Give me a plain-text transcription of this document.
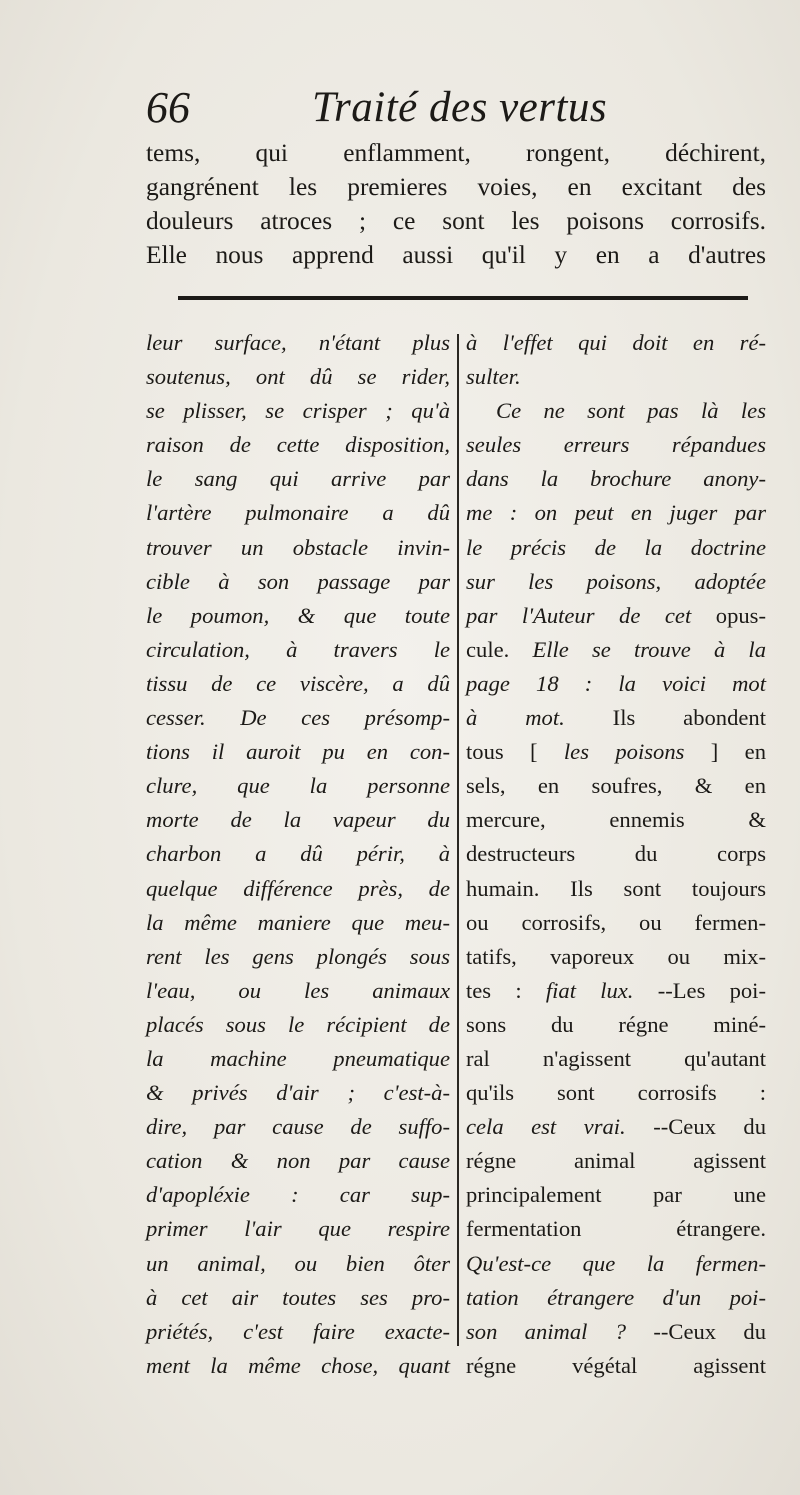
66	Traité des vertus
tems, qui enflamment, rongent, déchirent,
gangrénent les premieres voies, en excitant des
douleurs atroces ; ce sont les poisons corrosifs.
Elle nous apprend aussi qu'il y en a d'autres
leur surface, n'étant plus
soutenus, ont dû se rider,
se plisser, se crisper ; qu'à
raison de cette disposition,
le sang qui arrive par
l'artère pulmonaire a dû
trouver un obstacle invin-
cible à son passage par
le poumon, & que toute
circulation, à travers le
tissu de ce viscère, a dû
cesser. De ces présomp-
tions il auroit pu en con-
clure, que la personne
morte de la vapeur du
charbon a dû périr, à
quelque différence près, de
la même maniere que meu-
rent les gens plongés sous
l'eau, ou les animaux
placés sous le récipient de
la machine pneumatique
& privés d'air ; c'est-à-
dire, par cause de suffo-
cation & non par cause
d'apopléxie : car sup-
primer l'air que respire
un animal, ou bien ôter
à cet air toutes ses pro-
priétés, c'est faire exacte-
ment la même chose, quant
à l'effet qui doit en ré-
sulter.
Ce ne sont pas là les
seules erreurs répandues
dans la brochure anony-
me : on peut en juger par
le précis de la doctrine
sur les poisons, adoptée
par l'Auteur de cet opus-
cule. Elle se trouve à la
page 18 : la voici mot
à mot. Ils abondent
tous [ les poisons ] en
sels, en soufres, & en
mercure, ennemis &
destructeurs du corps
humain. Ils sont toujours
ou corrosifs, ou fermen-
tatifs, vaporeux ou mix-
tes : fiat lux. --Les poi-
sons du régne miné-
ral n'agissent qu'autant
qu'ils sont corrosifs :
cela est vrai. --Ceux du
régne animal agissent
principalement par une
fermentation étrangere.
Qu'est-ce que la fermen-
tation étrangere d'un poi-
son animal ? --Ceux du
régne végétal agissent
